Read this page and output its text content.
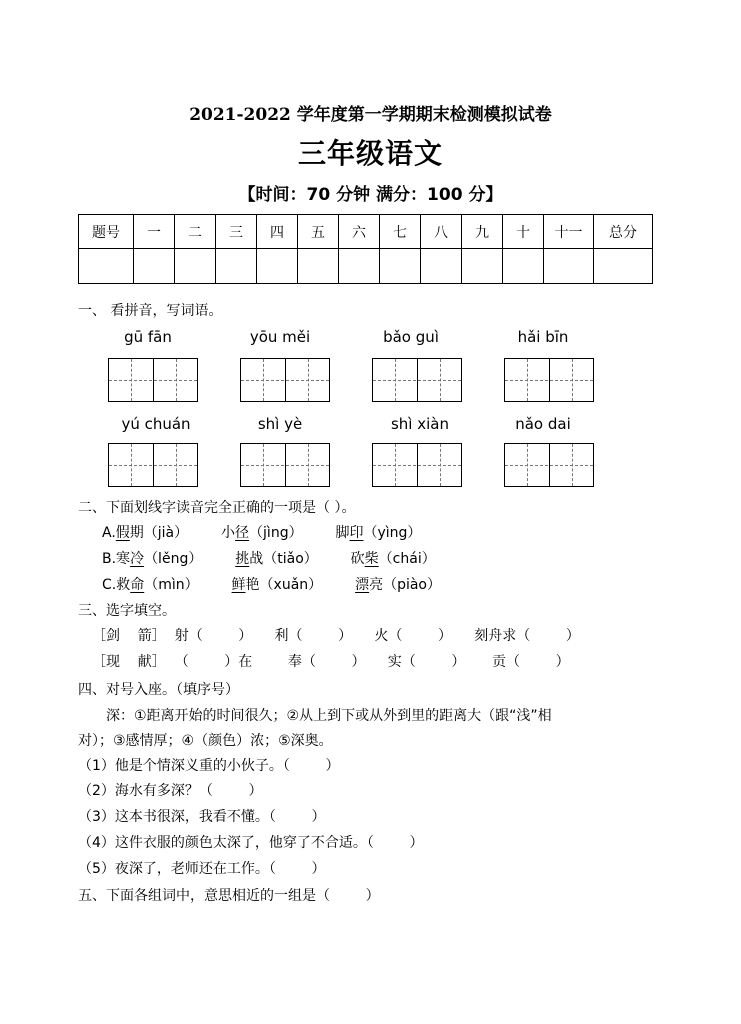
2021-2022 学年度第一学期期末检测模拟试卷
三年级语文
【时间：70 分钟 满分：100 分】
题号	一	二	三	四	五	六	七	八	九	十	十一	总分

一、 看拼音，写词语。
gū fān	yōu měi	bǎo guì	hǎi bīn
yú chuán	shì yè	shì xiàn	nǎo dai
二、下面划线字读音完全正确的一项是（ ）。
A.假期（jià） 小径（jìng） 脚印（yìng）
B.寒冷（lěng） 挑战（tiǎo） 砍柴（chái）
C.救命（mìn） 鲜艳（xuǎn） 漂亮（piào）
三、选字填空。
［剑    箭］  射（        ）     利（        ）     火（        ）     刻舟求（        ）
［现    献］  （        ）在        奉（        ）     实（        ）      贡（        ）
四、对号入座。（填序号）
深：①距离开始的时间很久；②从上到下或从外到里的距离大（跟“浅”相
对）；③感情厚；④（颜色）浓；⑤深奥。
（1）他是个情深义重的小伙子。（        ）
（2）海水有多深？（        ）
（3）这本书很深，我看不懂。（        ）
（4）这件衣服的颜色太深了，他穿了不合适。（        ）
（5）夜深了，老师还在工作。（        ）
五、下面各组词中，意思相近的一组是（        ）
